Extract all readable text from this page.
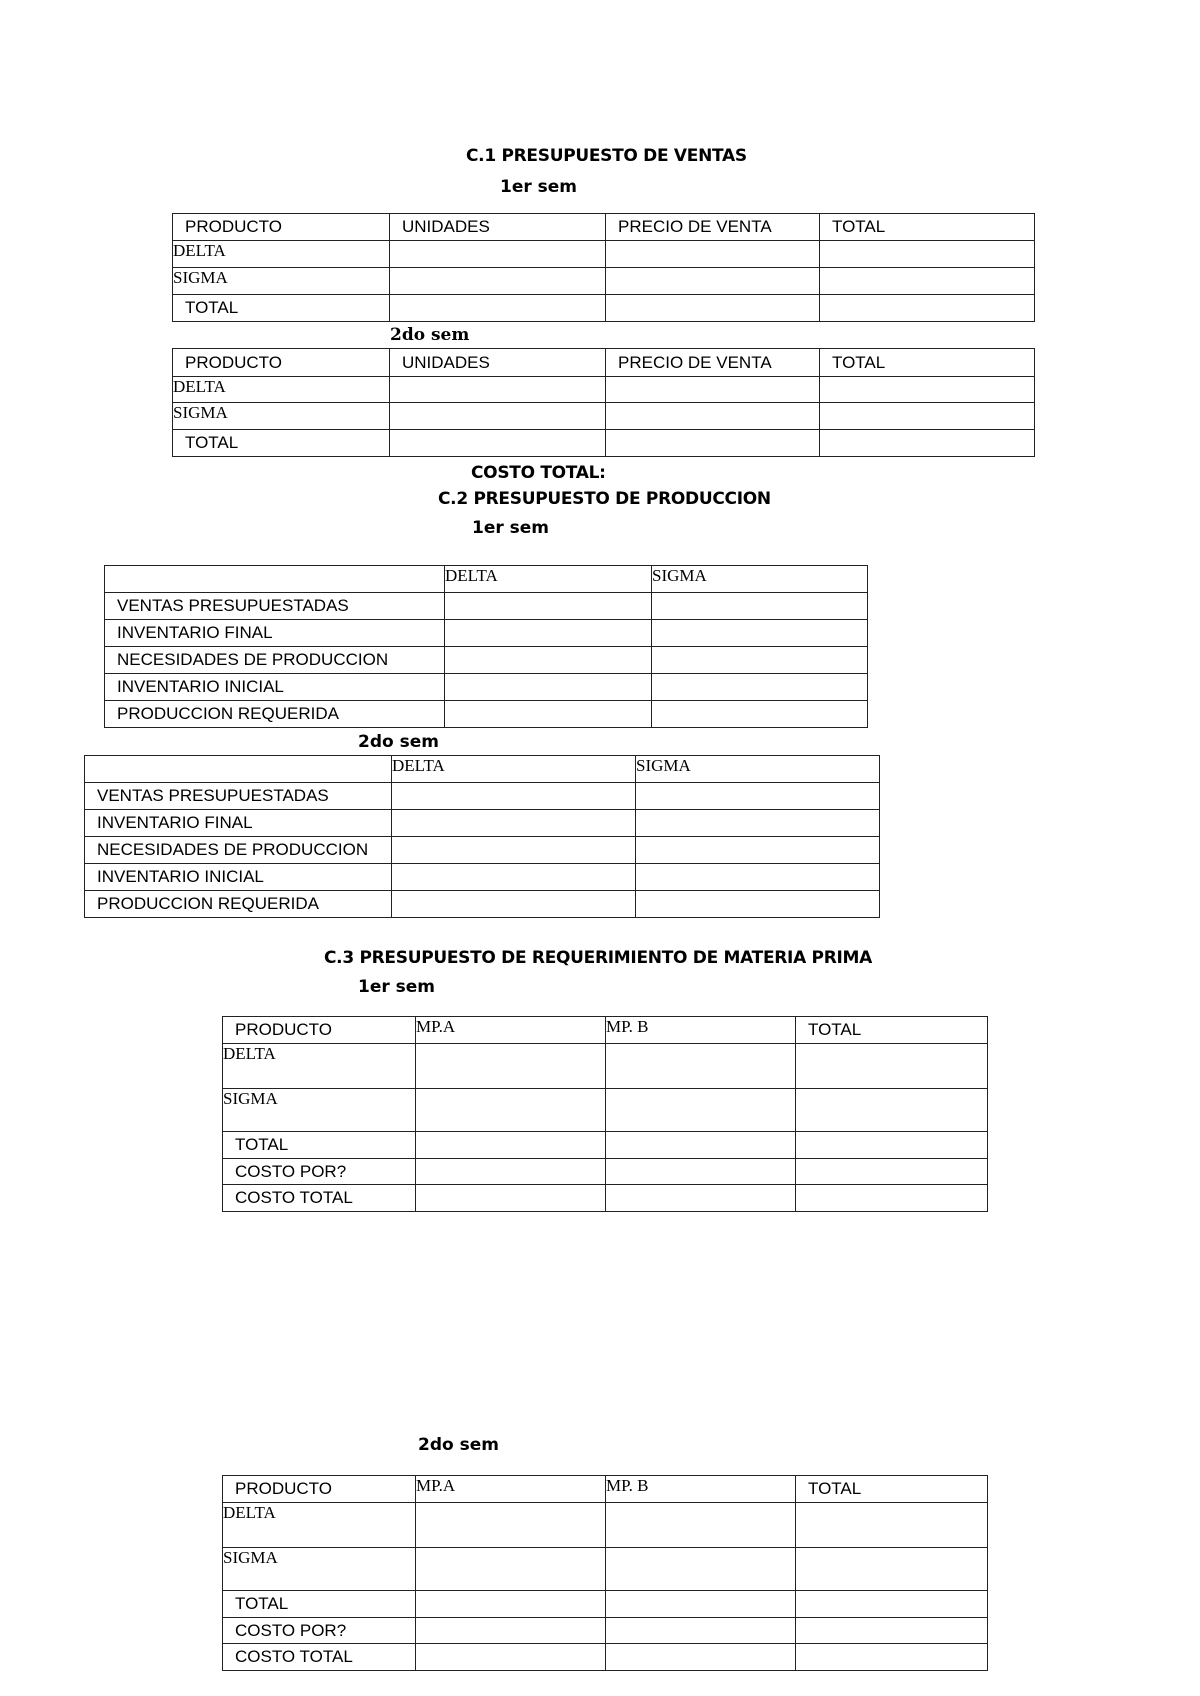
C.1 PRESUPUESTO DE VENTAS
1er sem
PRODUCTO	UNIDADES	PRECIO DE VENTA	TOTAL
DELTA			
SIGMA			
TOTAL			
2do sem
PRODUCTO	UNIDADES	PRECIO DE VENTA	TOTAL
DELTA			
SIGMA			
TOTAL			
COSTO TOTAL:
C.2 PRESUPUESTO DE PRODUCCION
1er sem
	DELTA	SIGMA
VENTAS PRESUPUESTADAS		
INVENTARIO FINAL		
NECESIDADES DE PRODUCCION		
INVENTARIO INICIAL		
PRODUCCION REQUERIDA		
2do sem
	DELTA	SIGMA
VENTAS PRESUPUESTADAS		
INVENTARIO FINAL		
NECESIDADES DE PRODUCCION		
INVENTARIO INICIAL		
PRODUCCION REQUERIDA		
C.3 PRESUPUESTO DE REQUERIMIENTO DE MATERIA PRIMA
1er sem
PRODUCTO	MP.A	MP. B	TOTAL
DELTA			
SIGMA			
TOTAL			
COSTO POR?			
COSTO TOTAL			
2do sem
PRODUCTO	MP.A	MP. B	TOTAL
DELTA			
SIGMA			
TOTAL			
COSTO POR?			
COSTO TOTAL			
